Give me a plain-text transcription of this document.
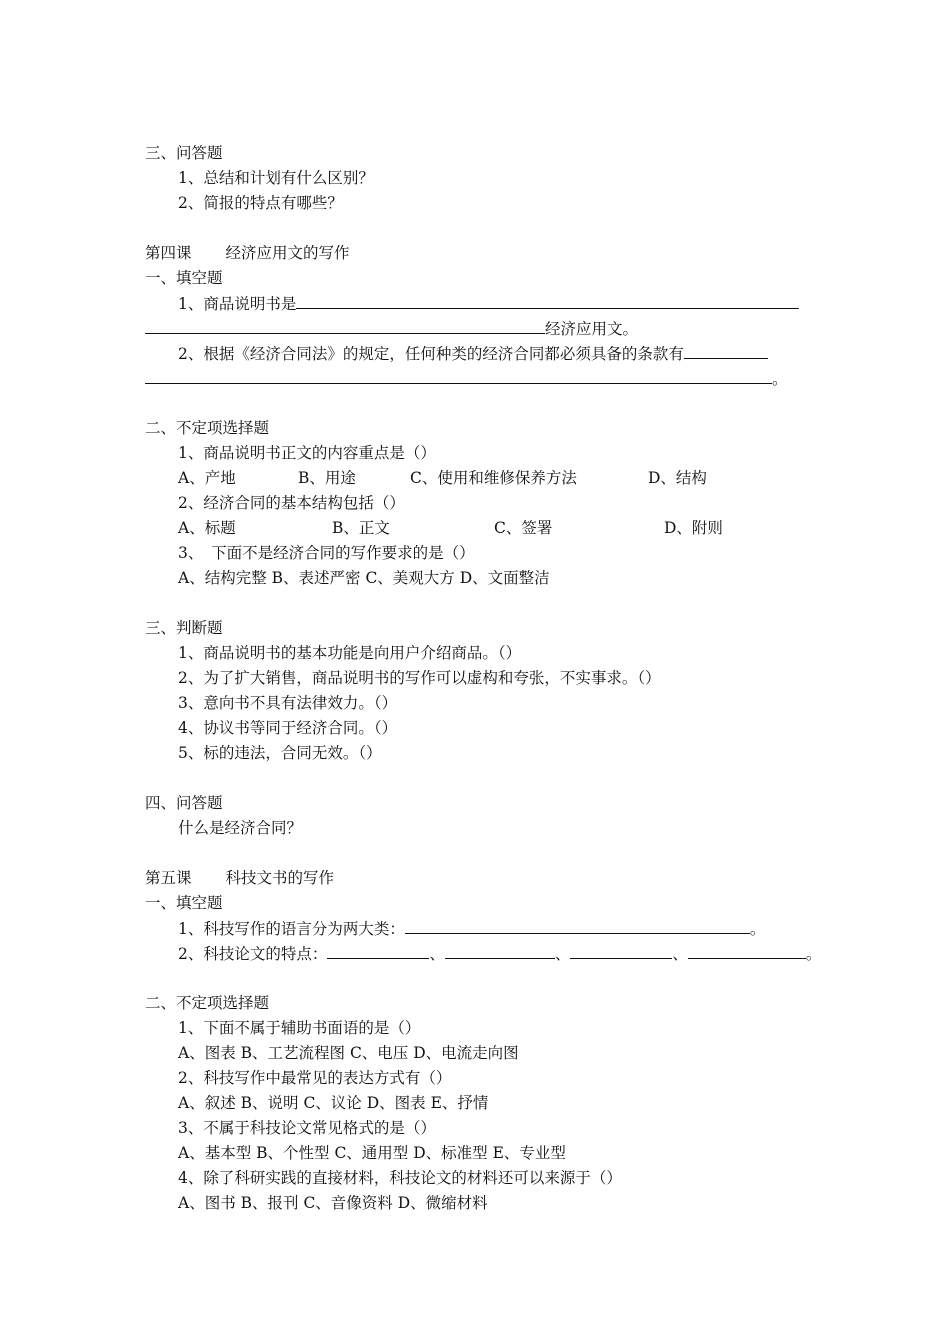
三、问答题
1、总结和计划有什么区别？
2、简报的特点有哪些？
第四课 经济应用文的写作
一、填空题
1、商品说明书是
经济应用文。
2、根据《经济合同法》的规定，任何种类的经济合同都必须具备的条款有
。
二、不定项选择题
1、商品说明书正文的内容重点是（）
A、产地	B、用途	C、使用和维修保养方法	D、结构
2、经济合同的基本结构包括（）
A、标题	B、正文	C、签署	D、附则
3、　下面不是经济合同的写作要求的是（）
A、结构完整 B、表述严密 C、美观大方 D、文面整洁
三、判断题
1、商品说明书的基本功能是向用户介绍商品。（）
2、为了扩大销售，商品说明书的写作可以虚构和夸张，不实事求。（）
3、意向书不具有法律效力。（）
4、协议书等同于经济合同。（）
5、标的违法，合同无效。（）
四、问答题
什么是经济合同？
第五课 科技文书的写作
一、填空题
1、科技写作的语言分为两大类：	。
2、科技论文的特点：	、	、	、	。
二、不定项选择题
1、下面不属于辅助书面语的是（）
A、图表 B、工艺流程图 C、电压 D、电流走向图
2、科技写作中最常见的表达方式有（）
A、叙述 B、说明 C、议论 D、图表 E、抒情
3、不属于科技论文常见格式的是（）
A、基本型 B、个性型 C、通用型 D、标准型 E、专业型
4、除了科研实践的直接材料，科技论文的材料还可以来源于（）
A、图书 B、报刊 C、音像资料 D、微缩材料
